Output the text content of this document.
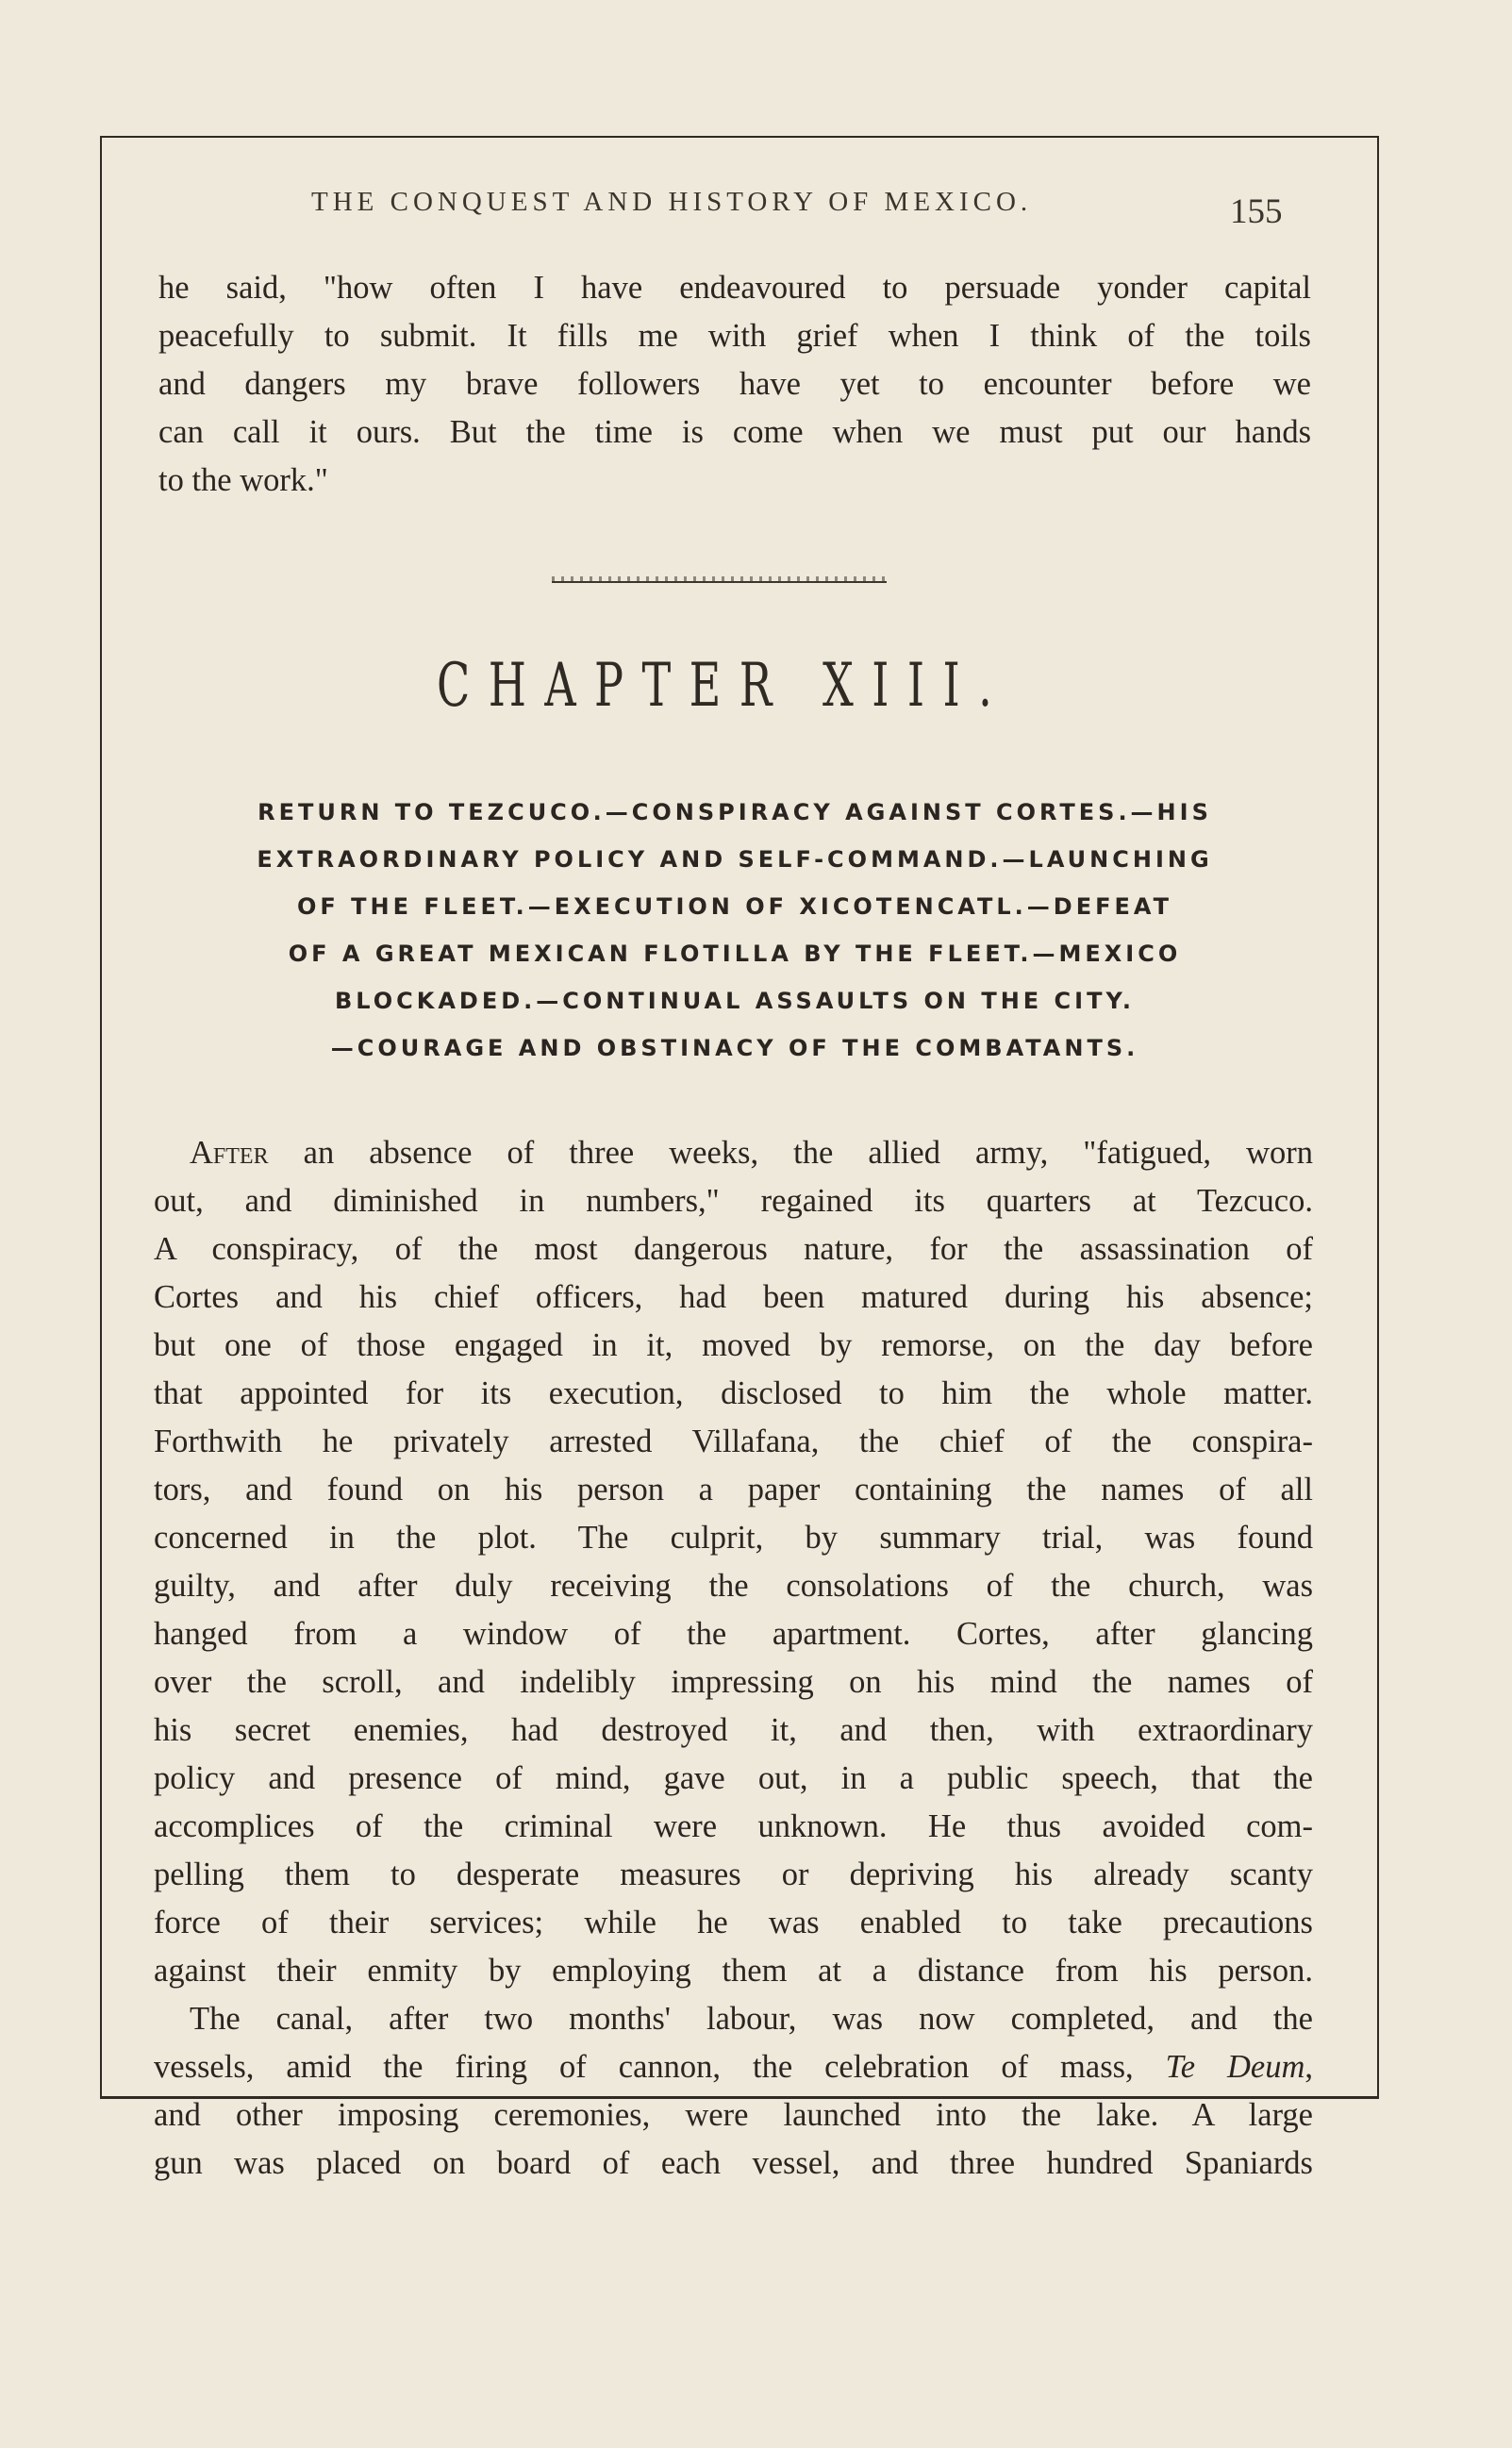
THE CONQUEST AND HISTORY OF MEXICO.	155
he said, "how often I have endeavoured to persuade yonder capital
peacefully to submit. It fills me with grief when I think of the toils
and dangers my brave followers have yet to encounter before we
can call it ours. But the time is come when we must put our hands
to the work."
CHAPTER XIII.
RETURN TO TEZCUCO.—CONSPIRACY AGAINST CORTES.—HIS
EXTRAORDINARY POLICY AND SELF-COMMAND.—LAUNCHING
OF THE FLEET.—EXECUTION OF XICOTENCATL.—DEFEAT
OF A GREAT MEXICAN FLOTILLA BY THE FLEET.—MEXICO
BLOCKADED.—CONTINUAL ASSAULTS ON THE CITY.
—COURAGE AND OBSTINACY OF THE COMBATANTS.
After an absence of three weeks, the allied army, "fatigued, worn
out, and diminished in numbers," regained its quarters at Tezcuco.
A conspiracy, of the most dangerous nature, for the assassination of
Cortes and his chief officers, had been matured during his absence;
but one of those engaged in it, moved by remorse, on the day before
that appointed for its execution, disclosed to him the whole matter.
Forthwith he privately arrested Villafana, the chief of the conspira-
tors, and found on his person a paper containing the names of all
concerned in the plot. The culprit, by summary trial, was found
guilty, and after duly receiving the consolations of the church, was
hanged from a window of the apartment. Cortes, after glancing
over the scroll, and indelibly impressing on his mind the names of
his secret enemies, had destroyed it, and then, with extraordinary
policy and presence of mind, gave out, in a public speech, that the
accomplices of the criminal were unknown. He thus avoided com-
pelling them to desperate measures or depriving his already scanty
force of their services; while he was enabled to take precautions
against their enmity by employing them at a distance from his person.
The canal, after two months' labour, was now completed, and the
vessels, amid the firing of cannon, the celebration of mass, Te Deum,
and other imposing ceremonies, were launched into the lake. A large
gun was placed on board of each vessel, and three hundred Spaniards
